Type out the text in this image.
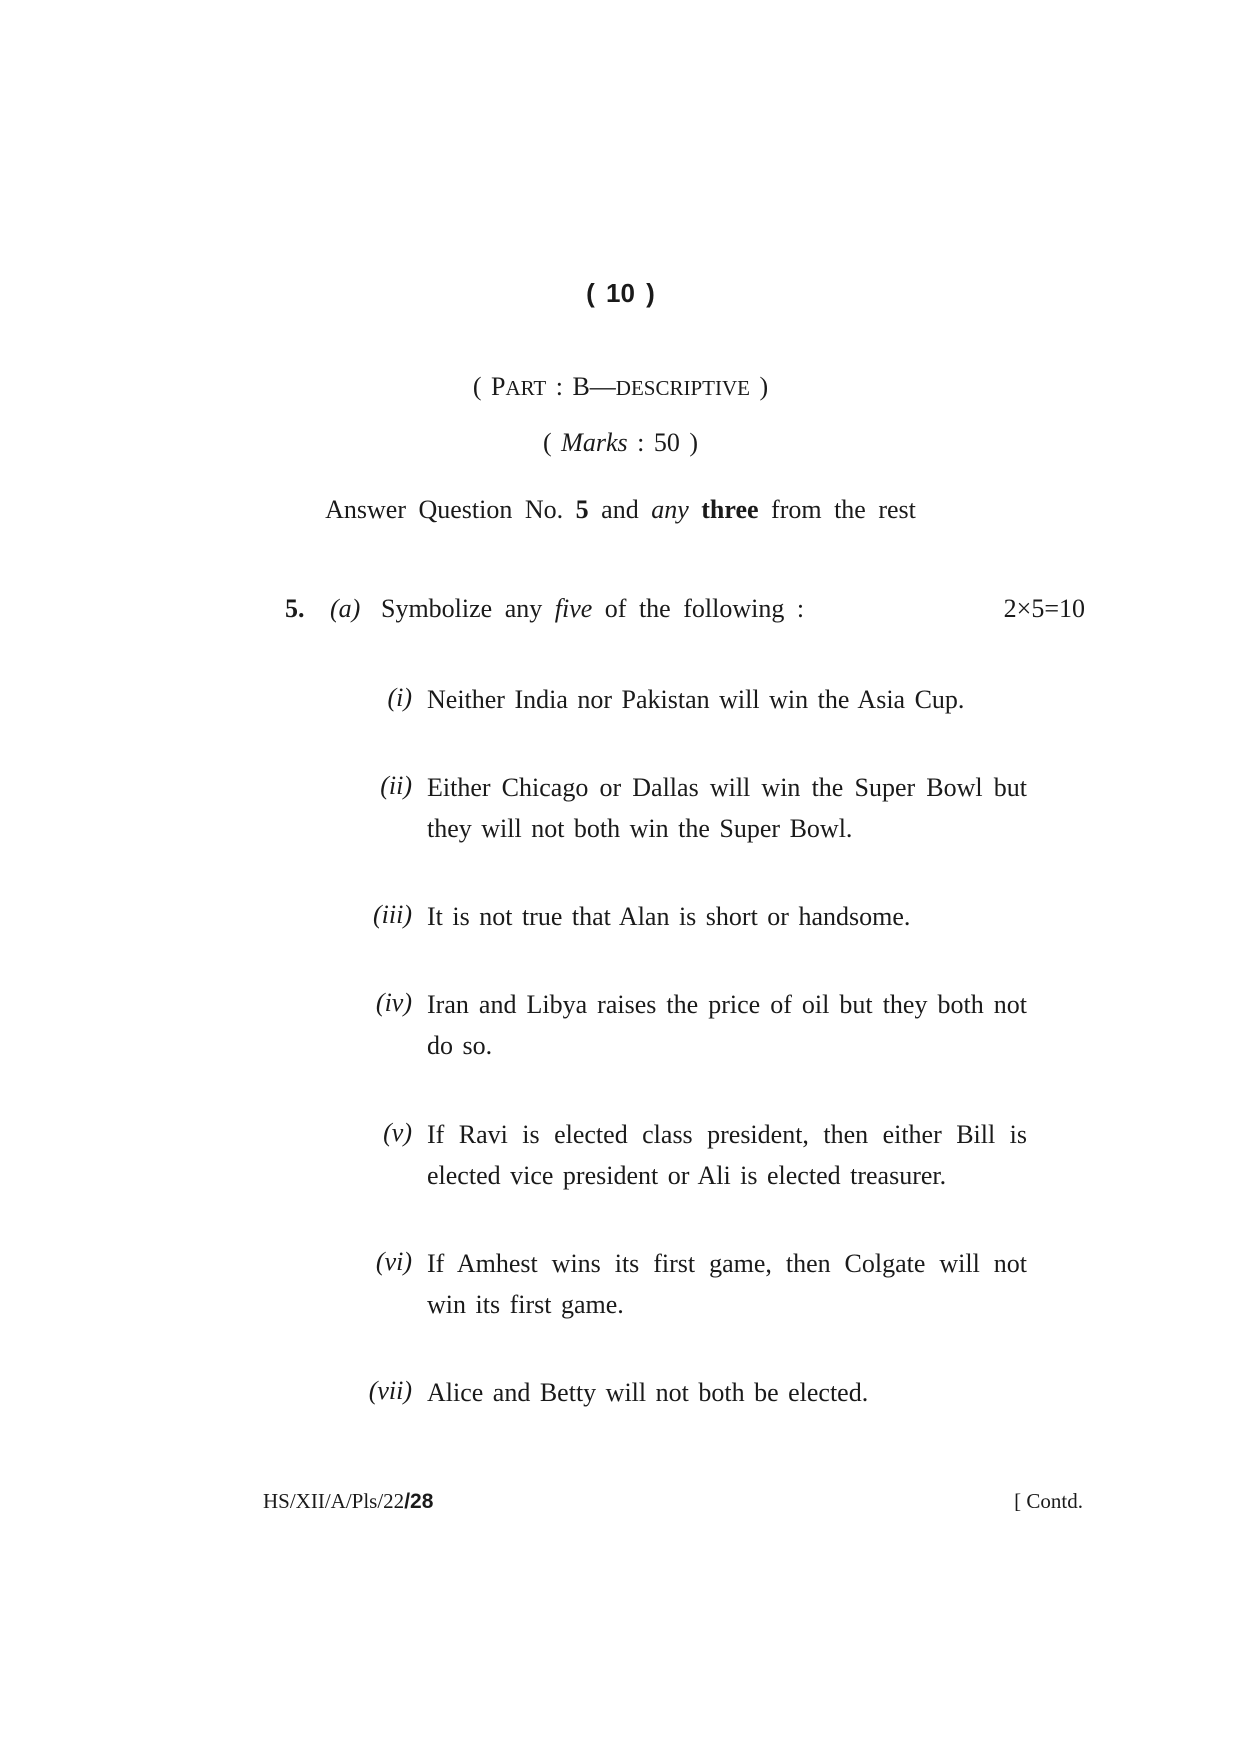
( 10 )
( PART : B—DESCRIPTIVE )
( Marks : 50 )
Answer Question No. 5 and any three from the rest
5. (a) Symbolize any five of the following :	2×5=10
(i) Neither India nor Pakistan will win the Asia Cup.
(ii) Either Chicago or Dallas will win the Super Bowl but they will not both win the Super Bowl.
(iii) It is not true that Alan is short or handsome.
(iv) Iran and Libya raises the price of oil but they both not do so.
(v) If Ravi is elected class president, then either Bill is elected vice president or Ali is elected treasurer.
(vi) If Amhest wins its first game, then Colgate will not win its first game.
(vii) Alice and Betty will not both be elected.
HS/XII/A/Pls/22/28	[ Contd.
